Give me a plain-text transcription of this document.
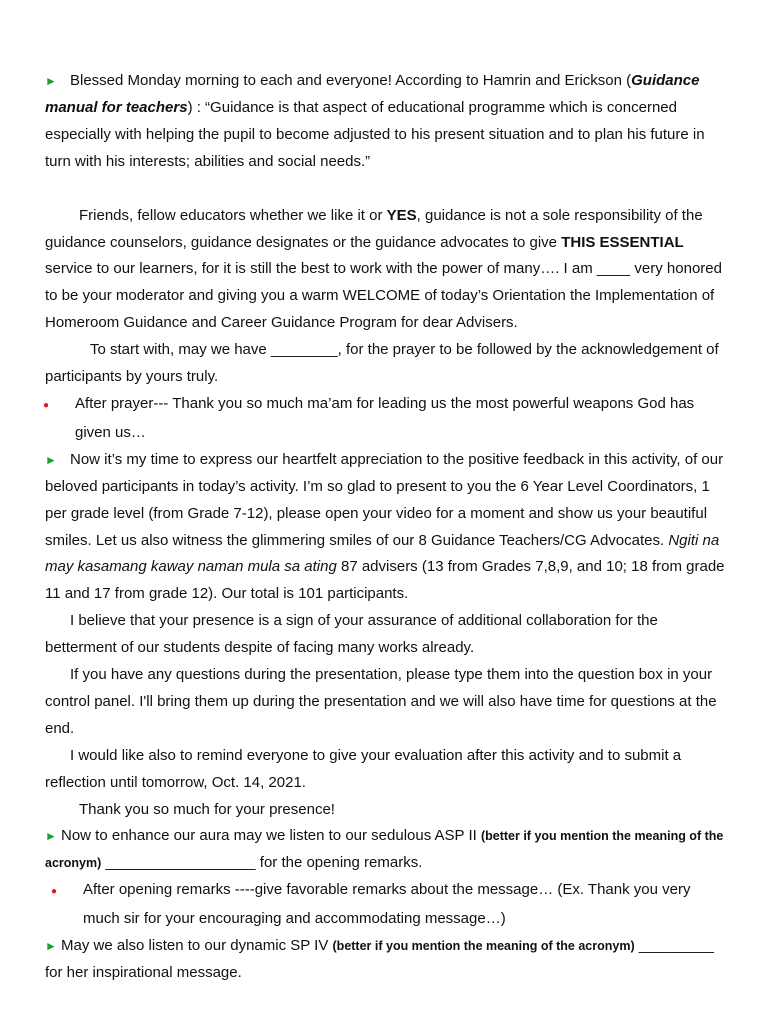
► Blessed Monday morning to each and everyone! According to Hamrin and Erickson (Guidance manual for teachers) : “Guidance is that aspect of educational programme which is concerned especially with helping the pupil to become adjusted to his present situation and to plan his future in turn with his interests; abilities and social needs.”

Friends, fellow educators whether we like it or YES, guidance is not a sole responsibility of the guidance counselors, guidance designates or the guidance advocates to give THIS ESSENTIAL service to our learners, for it is still the best to work with the power of many…. I am ____ very honored to be your moderator and giving you a warm WELCOME of today’s Orientation the Implementation of Homeroom Guidance and Career Guidance Program for dear Advisers.

To start with, may we have ________, for the prayer to be followed by the acknowledgement of participants by yours truly.

● After prayer--- Thank you so much ma’am for leading us the most powerful weapons God has given us…

► Now it’s my time to express our heartfelt appreciation to the positive feedback in this activity, of our beloved participants in today’s activity. I’m so glad to present to you the 6 Year Level Coordinators, 1 per grade level (from Grade 7-12), please open your video for a moment and show us your beautiful smiles. Let us also witness the glimmering smiles of our 8 Guidance Teachers/CG Advocates. Ngiti na may kasamang kaway naman mula sa ating 87 advisers (13 from Grades 7,8,9, and 10; 18 from grade 11 and 17 from grade 12). Our total is 101 participants.

I believe that your presence is a sign of your assurance of additional collaboration for the betterment of our students despite of facing many works already.

If you have any questions during the presentation, please type them into the question box in your control panel. I'll bring them up during the presentation and we will also have time for questions at the end.

I would like also to remind everyone to give your evaluation after this activity and to submit a reflection until tomorrow, Oct. 14, 2021.

Thank you so much for your presence!

► Now to enhance our aura may we listen to our sedulous ASP II (better if you mention the meaning of the acronym) __________________ for the opening remarks.

● After opening remarks ----give favorable remarks about the message… (Ex. Thank you very much sir for your encouraging and accommodating message…)

► May we also listen to our dynamic SP IV (better if you mention the meaning of the acronym) _________ for her inspirational message.
